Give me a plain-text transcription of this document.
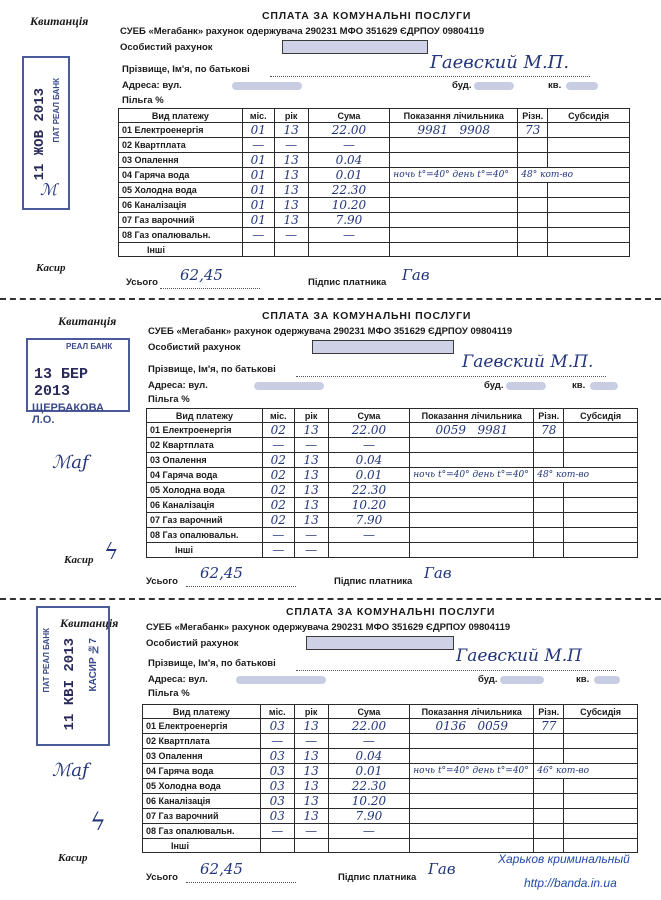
Квитанція
11 ЖОВ 2013 ПАТ РЕАЛ БАНК
ℳ
Касир
СПЛАТА ЗА КОМУНАЛЬНІ ПОСЛУГИ
СУЕБ «Мегабанк» рахунок одержувача 290231 МФО 351629 ЄДРПОУ 09804119
Особистий рахунок
Прізвище, Ім'я, по батькові	Гаевский М.П.
Адреса: вул.	буд.	кв.
Пільга %
Вид платежу	міс.	рік	Сума	Показання лічильника	Різн.	Субсидія
01 Електроенергія	01	13	22.00	9981 9908	73	
02 Квартплата	—	—	—			
03 Опалення	01	13	0.04			
04 Гаряча вода	01	13	0.01	ночь t°=40° день t°=40°	48° кот-во	
05 Холодна вода	01	13	22.30			
06 Каналізація	01	13	10.20			
07 Газ варочний	01	13	7.90			
08 Газ опалювальн.	—	—	—			
Інші						
Усього 62,45	Підпис платника Гав
Квитанція
РЕАЛ БАНК
13 БЕР 2013
ЩЕРБАКОВА Л.О.
ℳаƒ
ϟ
Касир
СПЛАТА ЗА КОМУНАЛЬНІ ПОСЛУГИ
СУЕБ «Мегабанк» рахунок одержувача 290231 МФО 351629 ЄДРПОУ 09804119
Особистий рахунок
Прізвище, Ім'я, по батькові	Гаевский М.П.
Адреса: вул.	буд.	кв.
Пільга %
Вид платежу	міс.	рік	Сума	Показання лічильника	Різн.	Субсидія
01 Електроенергія	02	13	22.00	0059 9981	78	
02 Квартплата	—	—	—			
03 Опалення	02	13	0.04			
04 Гаряча вода	02	13	0.01	ночь t°=40° день t°=40°	48° кот-во	
05 Холодна вода	02	13	22.30			
06 Каналізація	02	13	10.20			
07 Газ варочний	02	13	7.90			
08 Газ опалювальн.	—	—	—			
Інші	—	—				
Усього 62,45	Підпис платника Гав
Квитанція
ПАТ РЕАЛ БАНК 11 КВІ 2013 КАСИР №7
ℳаƒ
ϟ
Касир
СПЛАТА ЗА КОМУНАЛЬНІ ПОСЛУГИ
СУЕБ «Мегабанк» рахунок одержувача 290231 МФО 351629 ЄДРПОУ 09804119
Особистий рахунок
Прізвище, Ім'я, по батькові	Гаевский М.П
Адреса: вул.	буд.	кв.
Пільга %
Вид платежу	міс.	рік	Сума	Показання лічильника	Різн.	Субсидія
01 Електроенергія	03	13	22.00	0136 0059	77	
02 Квартплата	—	—	—			
03 Опалення	03	13	0.04			
04 Гаряча вода	03	13	0.01	ночь t°=40° день t°=40°	46° кот-во	
05 Холодна вода	03	13	22.30			
06 Каналізація	03	13	10.20			
07 Газ варочний	03	13	7.90			
08 Газ опалювальн.	—	—	—			
Інші						
Усього 62,45	Підпис платника Гав
Харьков криминальный
http://banda.in.ua
